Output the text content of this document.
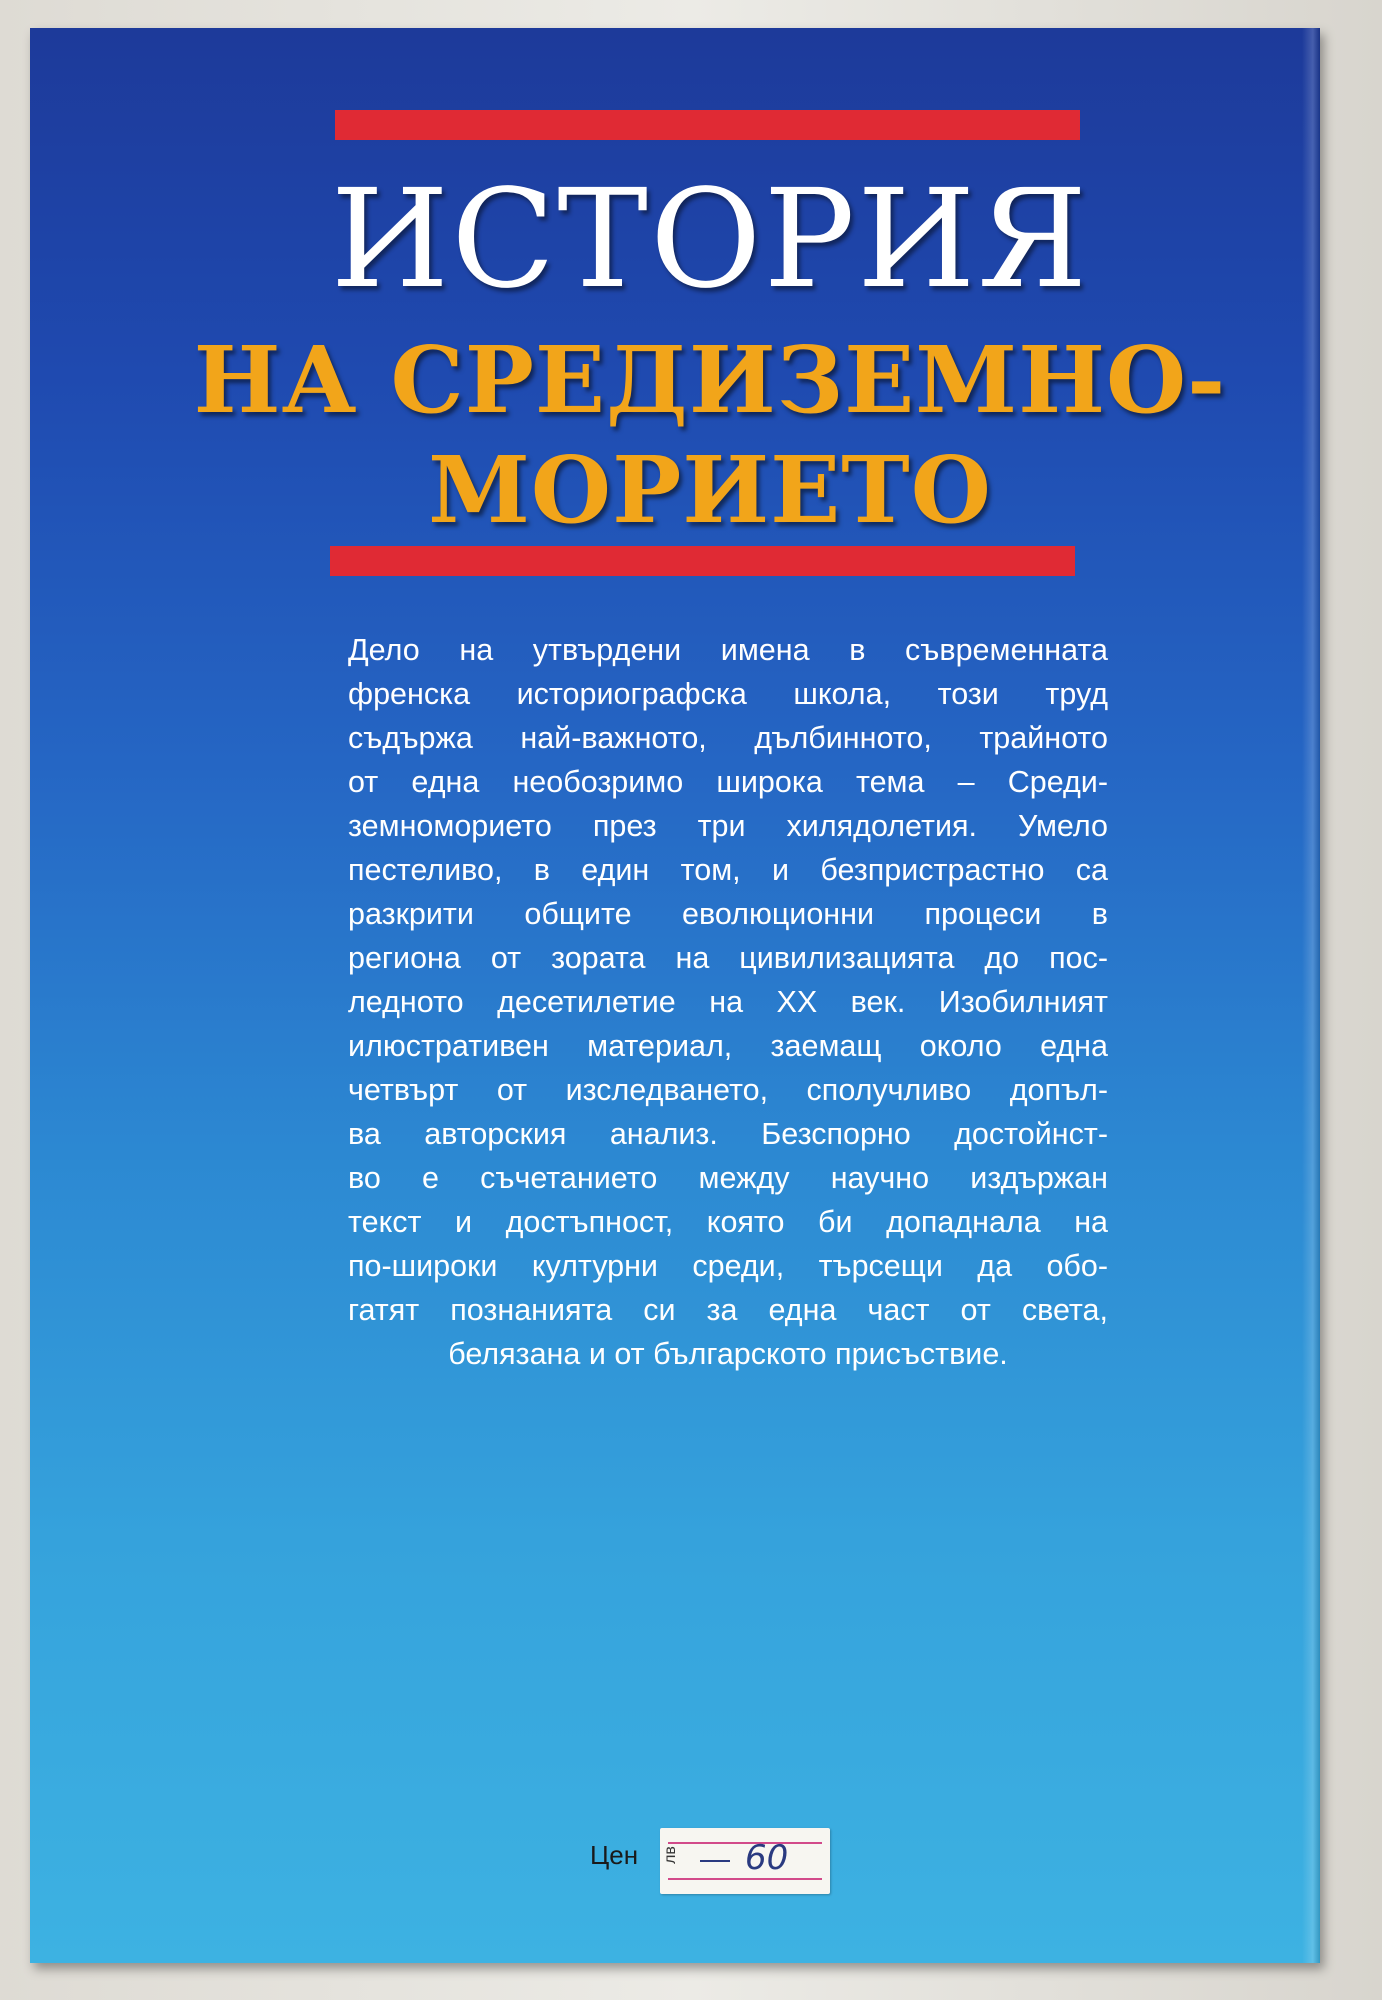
ИСТОРИЯ
НА СРЕДИЗЕМНО-
МОРИЕТО

Дело на утвърдени имена в съвременната
френска историографска школа, този труд
съдържа най-важното, дълбинното, трайното
от една необозримо широка тема – Среди-
земноморието през три хилядолетия. Умело
пестеливо, в един том, и безпристрастно са
разкрити общите еволюционни процеси в
региона от зората на цивилизацията до пос-
ледното десетилетие на XX век. Изобилният
илюстративен материал, заемащ около една
четвърт от изследването, сполучливо допъл-
ва авторския анализ. Безспорно достойнст-
во е съчетанието между научно издържан
текст и достъпност, която би допаднала на
по-широки културни среди, търсещи да обо-
гатят познанията си за една част от света,
белязана и от българското присъствие.

Цен лв 60
